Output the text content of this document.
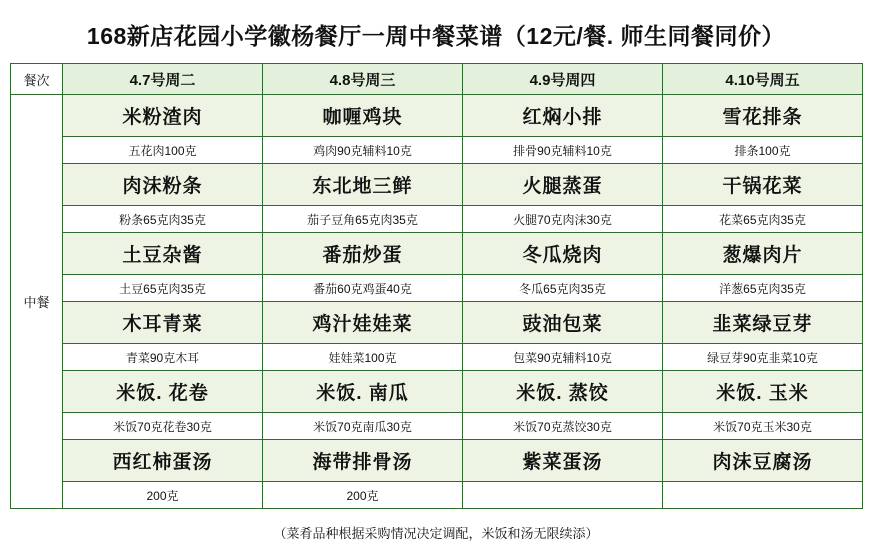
168新店花园小学徽杨餐厅一周中餐菜谱（12元/餐. 师生同餐同价）
餐次	4.7号周二	4.8号周三	4.9号周四	4.10号周五
中餐	米粉渣肉	咖喱鸡块	红焖小排	雪花排条
	五花肉100克	鸡肉90克辅料10克	排骨90克辅料10克	排条100克
	肉沫粉条	东北地三鲜	火腿蒸蛋	干锅花菜
	粉条65克肉35克	茄子豆角65克肉35克	火腿70克肉沫30克	花菜65克肉35克
	土豆杂酱	番茄炒蛋	冬瓜烧肉	葱爆肉片
	土豆65克肉35克	番茄60克鸡蛋40克	冬瓜65克肉35克	洋葱65克肉35克
	木耳青菜	鸡汁娃娃菜	豉油包菜	韭菜绿豆芽
	青菜90克木耳	娃娃菜100克	包菜90克辅料10克	绿豆芽90克韭菜10克
	米饭. 花卷	米饭. 南瓜	米饭. 蒸饺	米饭. 玉米
	米饭70克花卷30克	米饭70克南瓜30克	米饭70克蒸饺30克	米饭70克玉米30克
	西红柿蛋汤	海带排骨汤	紫菜蛋汤	肉沫豆腐汤
	200克	200克		
（菜肴品种根据采购情况决定调配，米饭和汤无限续添）
